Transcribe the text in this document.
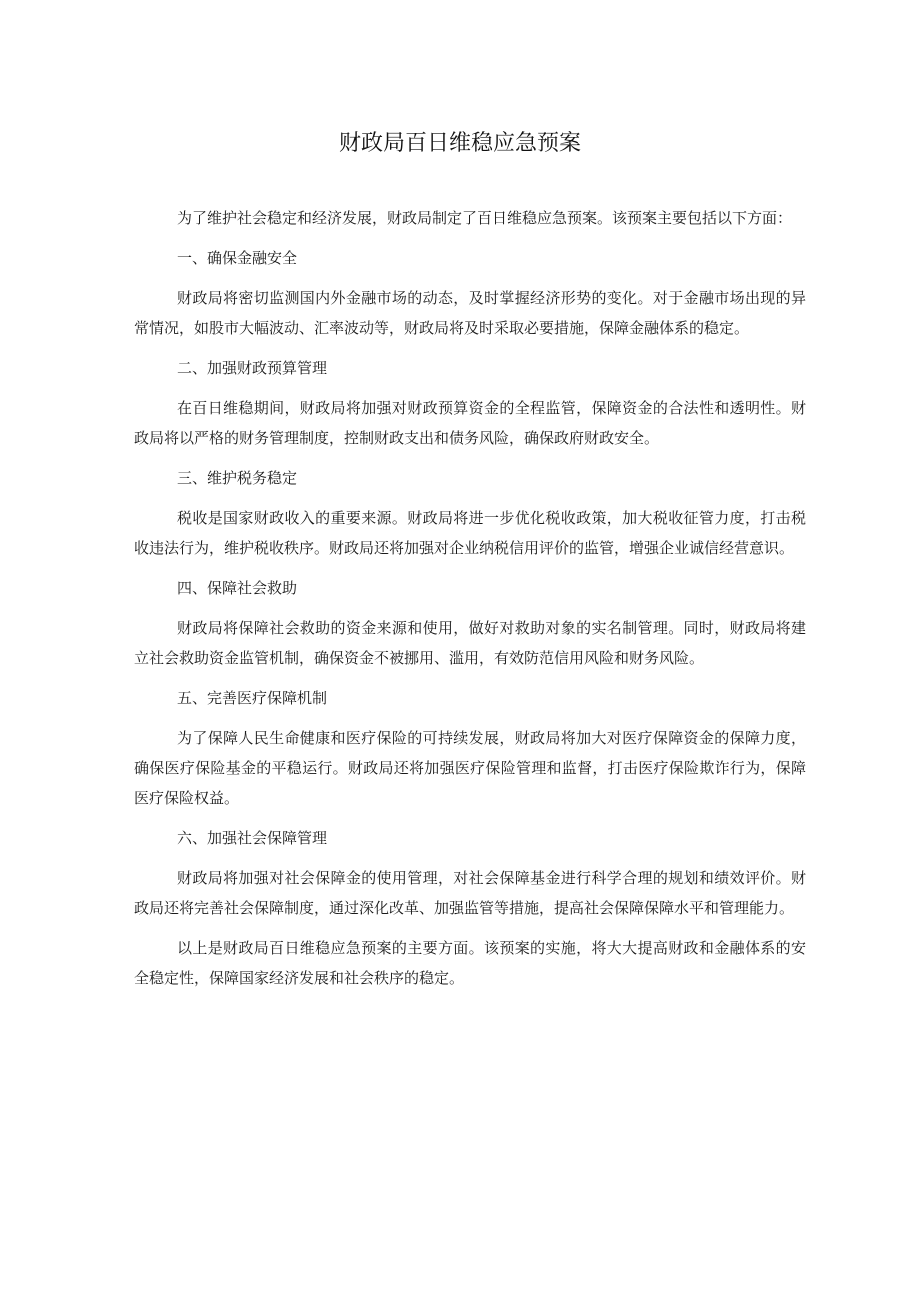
财政局百日维稳应急预案

为了维护社会稳定和经济发展，财政局制定了百日维稳应急预案。该预案主要包括以下方面：

一、确保金融安全

财政局将密切监测国内外金融市场的动态，及时掌握经济形势的变化。对于金融市场出现的异常情况，如股市大幅波动、汇率波动等，财政局将及时采取必要措施，保障金融体系的稳定。

二、加强财政预算管理

在百日维稳期间，财政局将加强对财政预算资金的全程监管，保障资金的合法性和透明性。财政局将以严格的财务管理制度，控制财政支出和债务风险，确保政府财政安全。

三、维护税务稳定

税收是国家财政收入的重要来源。财政局将进一步优化税收政策，加大税收征管力度，打击税收违法行为，维护税收秩序。财政局还将加强对企业纳税信用评价的监管，增强企业诚信经营意识。

四、保障社会救助

财政局将保障社会救助的资金来源和使用，做好对救助对象的实名制管理。同时，财政局将建立社会救助资金监管机制，确保资金不被挪用、滥用，有效防范信用风险和财务风险。

五、完善医疗保障机制

为了保障人民生命健康和医疗保险的可持续发展，财政局将加大对医疗保障资金的保障力度，确保医疗保险基金的平稳运行。财政局还将加强医疗保险管理和监督，打击医疗保险欺诈行为，保障医疗保险权益。

六、加强社会保障管理

财政局将加强对社会保障金的使用管理，对社会保障基金进行科学合理的规划和绩效评价。财政局还将完善社会保障制度，通过深化改革、加强监管等措施，提高社会保障保障水平和管理能力。

以上是财政局百日维稳应急预案的主要方面。该预案的实施，将大大提高财政和金融体系的安全稳定性，保障国家经济发展和社会秩序的稳定。
